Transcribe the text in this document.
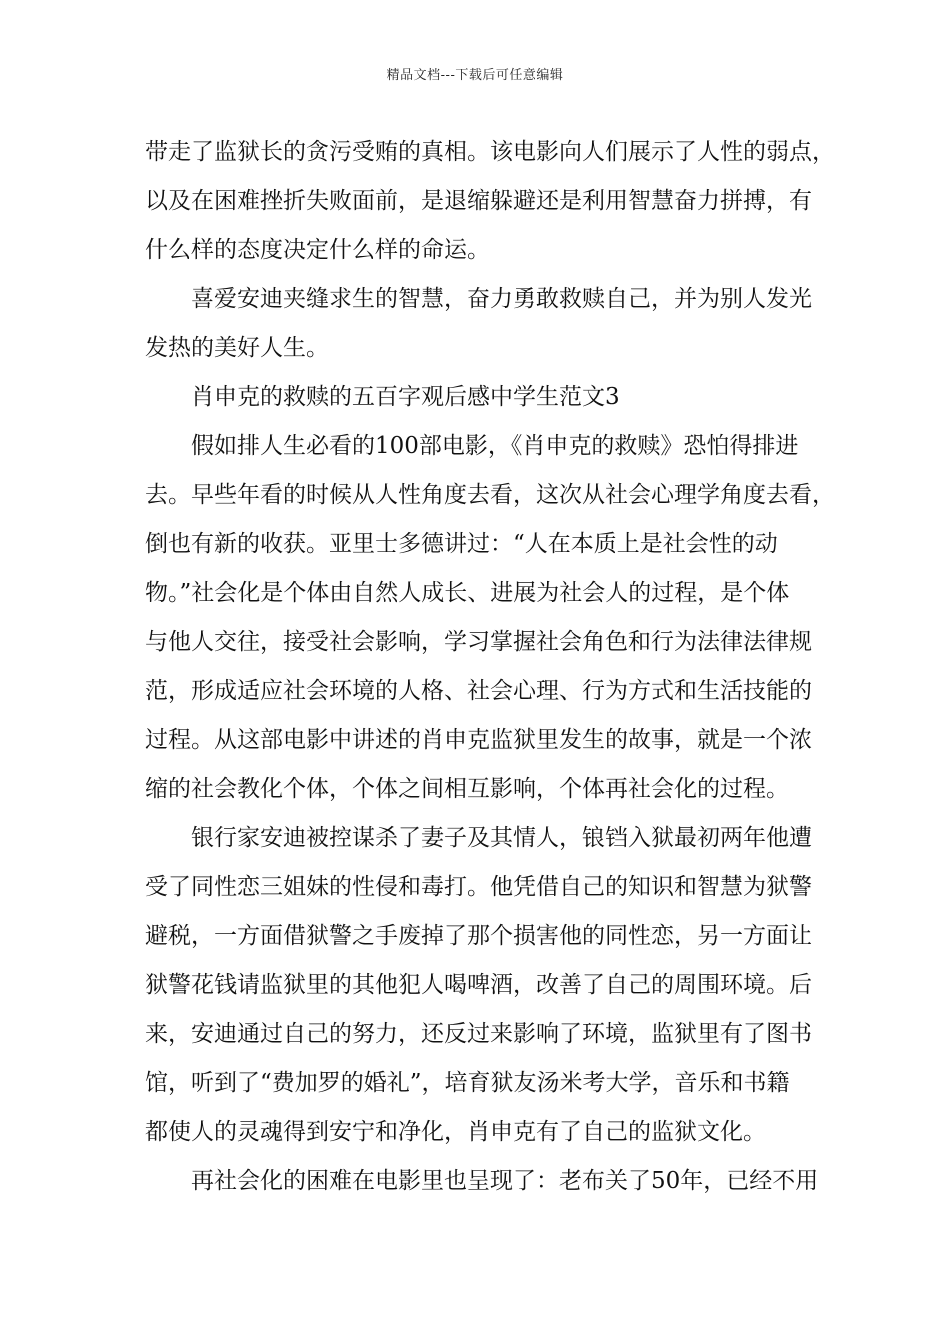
精品文档---下载后可任意编辑
带走了监狱长的贪污受贿的真相。该电影向人们展示了人性的弱点，
以及在困难挫折失败面前，是退缩躲避还是利用智慧奋力拼搏，有
什么样的态度决定什么样的命运。
喜爱安迪夹缝求生的智慧，奋力勇敢救赎自己，并为别人发光
发热的美好人生。
肖申克的救赎的五百字观后感中学生范文3
假如排人生必看的100部电影，《肖申克的救赎》恐怕得排进
去。早些年看的时候从人性角度去看，这次从社会心理学角度去看，
倒也有新的收获。亚里士多德讲过：“人在本质上是社会性的动
物。”社会化是个体由自然人成长、进展为社会人的过程，是个体
与他人交往，接受社会影响，学习掌握社会角色和行为法律法律规
范，形成适应社会环境的人格、社会心理、行为方式和生活技能的
过程。从这部电影中讲述的肖申克监狱里发生的故事，就是一个浓
缩的社会教化个体，个体之间相互影响，个体再社会化的过程。
银行家安迪被控谋杀了妻子及其情人，锒铛入狱最初两年他遭
受了同性恋三姐妹的性侵和毒打。他凭借自己的知识和智慧为狱警
避税，一方面借狱警之手废掉了那个损害他的同性恋，另一方面让
狱警花钱请监狱里的其他犯人喝啤酒，改善了自己的周围环境。后
来，安迪通过自己的努力，还反过来影响了环境，监狱里有了图书
馆，听到了“费加罗的婚礼”，培育狱友汤米考大学，音乐和书籍
都使人的灵魂得到安宁和净化，肖申克有了自己的监狱文化。
再社会化的困难在电影里也呈现了：老布关了50年，已经不用
